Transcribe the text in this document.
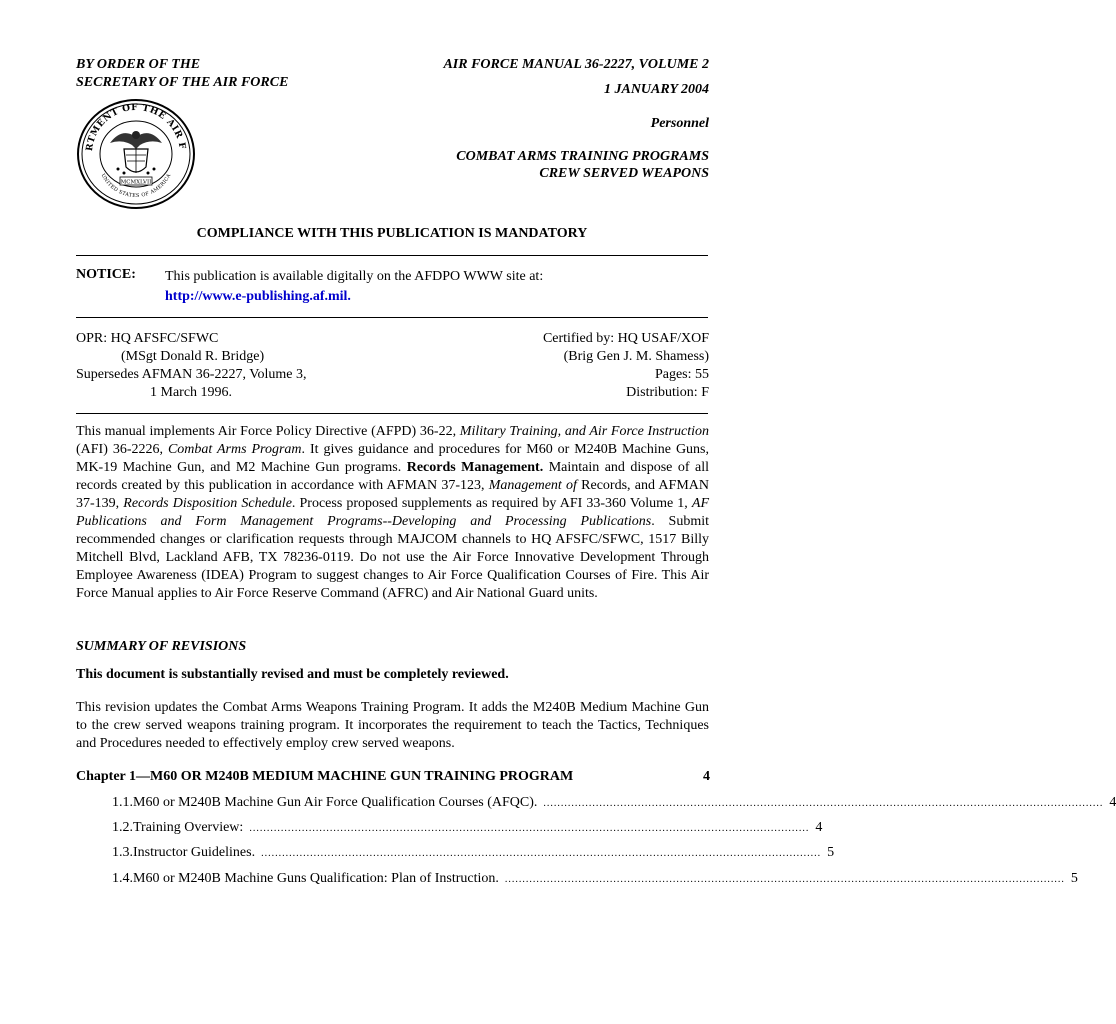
BY ORDER OF THE
SECRETARY OF THE AIR FORCE
AIR FORCE MANUAL 36-2227, VOLUME 2
1 JANUARY 2004
Personnel
COMBAT ARMS TRAINING PROGRAMS
CREW SERVED WEAPONS
RTMENT OF THE AIR F
UNITED STATES OF AMERICA
MCMXLVII
COMPLIANCE WITH THIS PUBLICATION IS MANDATORY
NOTICE: This publication is available digitally on the AFDPO WWW site at:
http://www.e-publishing.af.mil.
OPR: HQ AFSFC/SFWC
(MSgt Donald R. Bridge)
Supersedes AFMAN 36-2227, Volume 3,
1 March 1996.
Certified by: HQ USAF/XOF
(Brig Gen J. M. Shamess)
Pages: 55
Distribution: F
This manual implements Air Force Policy Directive (AFPD) 36-22, Military Training, and Air Force Instruction (AFI) 36-2226, Combat Arms Program. It gives guidance and procedures for M60 or M240B Machine Guns, MK-19 Machine Gun, and M2 Machine Gun programs. Records Management. Maintain and dispose of all records created by this publication in accordance with AFMAN 37-123, Management of Records, and AFMAN 37-139, Records Disposition Schedule. Process proposed supplements as required by AFI 33-360 Volume 1, AF Publications and Form Management Programs--Developing and Processing Publications. Submit recommended changes or clarification requests through MAJCOM channels to HQ AFSFC/SFWC, 1517 Billy Mitchell Blvd, Lackland AFB, TX 78236-0119. Do not use the Air Force Innovative Development Through Employee Awareness (IDEA) Program to suggest changes to Air Force Qualification Courses of Fire. This Air Force Manual applies to Air Force Reserve Command (AFRC) and Air National Guard units.
SUMMARY OF REVISIONS
This document is substantially revised and must be completely reviewed.
This revision updates the Combat Arms Weapons Training Program. It adds the M240B Medium Machine Gun to the crew served weapons training program. It incorporates the requirement to teach the Tactics, Techniques and Procedures needed to effectively employ crew served weapons.
Chapter 1—M60 OR M240B MEDIUM MACHINE GUN TRAINING PROGRAM	4
1.1. M60 or M240B Machine Gun Air Force Qualification Courses (AFQC). ................................................................................................................................................................ 4
1.2. Training Overview: ................................................................................................................................................................ 4
1.3. Instructor Guidelines. ................................................................................................................................................................ 5
1.4. M60 or M240B Machine Guns Qualification: Plan of Instruction. ................................................................................................................................................................ 5
